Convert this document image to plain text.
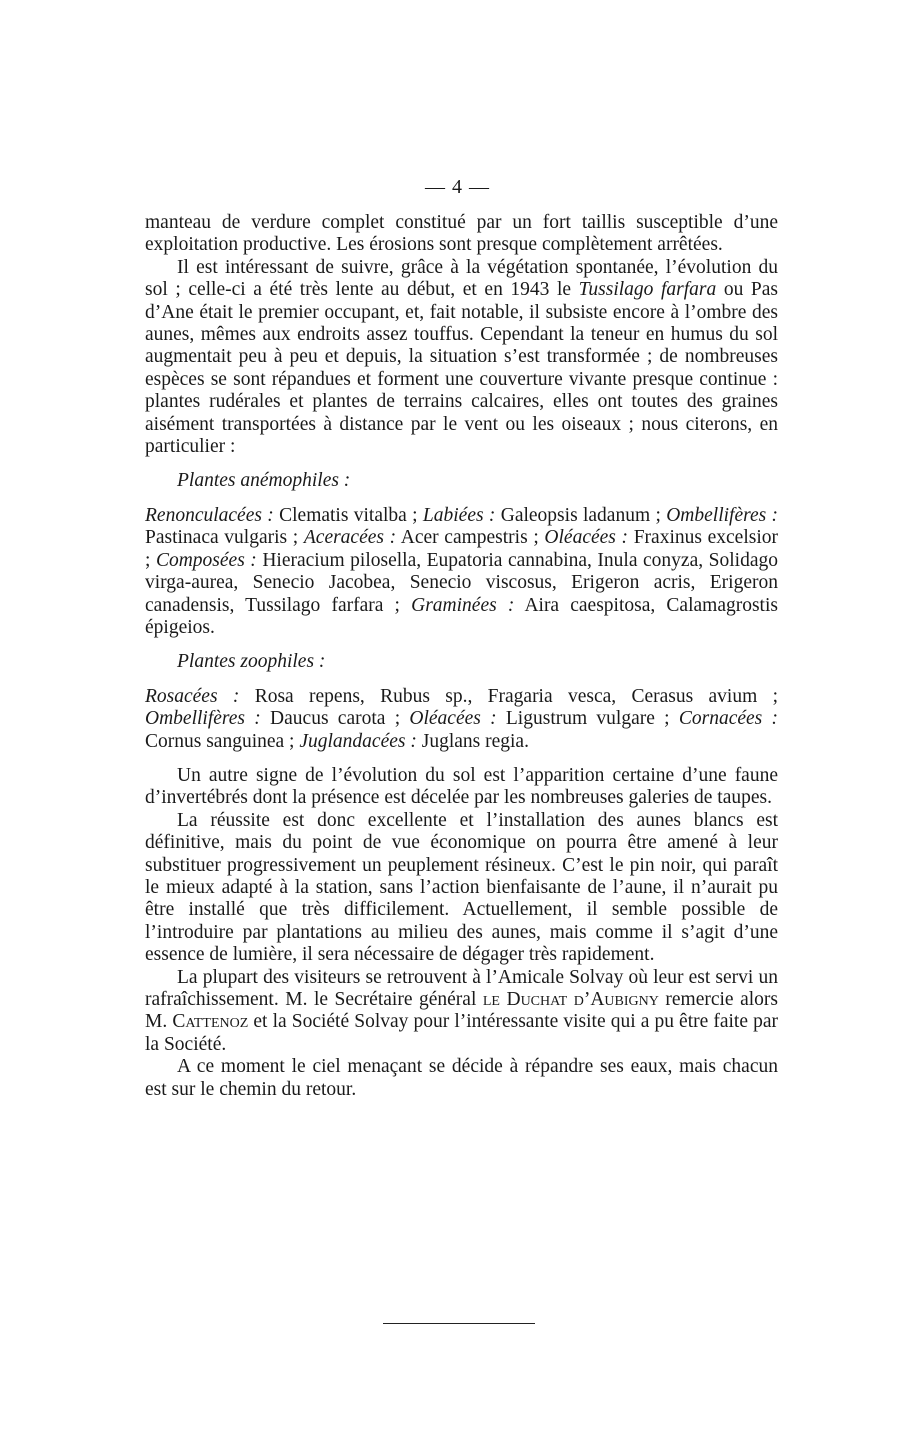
— 4 —

manteau de verdure complet constitué par un fort taillis susceptible d’une exploitation productive. Les érosions sont presque complètement arrêtées.

Il est intéressant de suivre, grâce à la végétation spontanée, l’évolution du sol ; celle-ci a été très lente au début, et en 1943 le Tussilago farfara ou Pas d’Ane était le premier occupant, et, fait notable, il subsiste encore à l’ombre des aunes, mêmes aux endroits assez touffus. Cependant la teneur en humus du sol augmentait peu à peu et depuis, la situation s’est transformée ; de nombreuses espèces se sont répandues et forment une couverture vivante presque continue : plantes rudérales et plantes de terrains calcaires, elles ont toutes des graines aisément transportées à distance par le vent ou les oiseaux ; nous citerons, en particulier :

Plantes anémophiles :

Renonculacées : Clematis vitalba ; Labiées : Galeopsis ladanum ; Ombellifères : Pastinaca vulgaris ; Aceracées : Acer campestris ; Oléacées : Fraxinus excelsior ; Composées : Hieracium pilosella, Eupatoria cannabina, Inula conyza, Solidago virga-aurea, Senecio Jacobea, Senecio viscosus, Erigeron acris, Erigeron canadensis, Tussilago farfara ; Graminées : Aira caespitosa, Calamagrostis épigeios.

Plantes zoophiles :

Rosacées : Rosa repens, Rubus sp., Fragaria vesca, Cerasus avium ; Ombellifères : Daucus carota ; Oléacées : Ligustrum vulgare ; Cornacées : Cornus sanguinea ; Juglandacées : Juglans regia.

Un autre signe de l’évolution du sol est l’apparition certaine d’une faune d’invertébrés dont la présence est décelée par les nombreuses galeries de taupes.

La réussite est donc excellente et l’installation des aunes blancs est définitive, mais du point de vue économique on pourra être amené à leur substituer progressivement un peuplement résineux. C’est le pin noir, qui paraît le mieux adapté à la station, sans l’action bienfaisante de l’aune, il n’aurait pu être installé que très difficilement. Actuellement, il semble possible de l’introduire par plantations au milieu des aunes, mais comme il s’agit d’une essence de lumière, il sera nécessaire de dégager très rapidement.

La plupart des visiteurs se retrouvent à l’Amicale Solvay où leur est servi un rafraîchissement. M. le Secrétaire général le Duchat d’Aubigny remercie alors M. Cattenoz et la Société Solvay pour l’intéressante visite qui a pu être faite par la Société.

A ce moment le ciel menaçant se décide à répandre ses eaux, mais chacun est sur le chemin du retour.
